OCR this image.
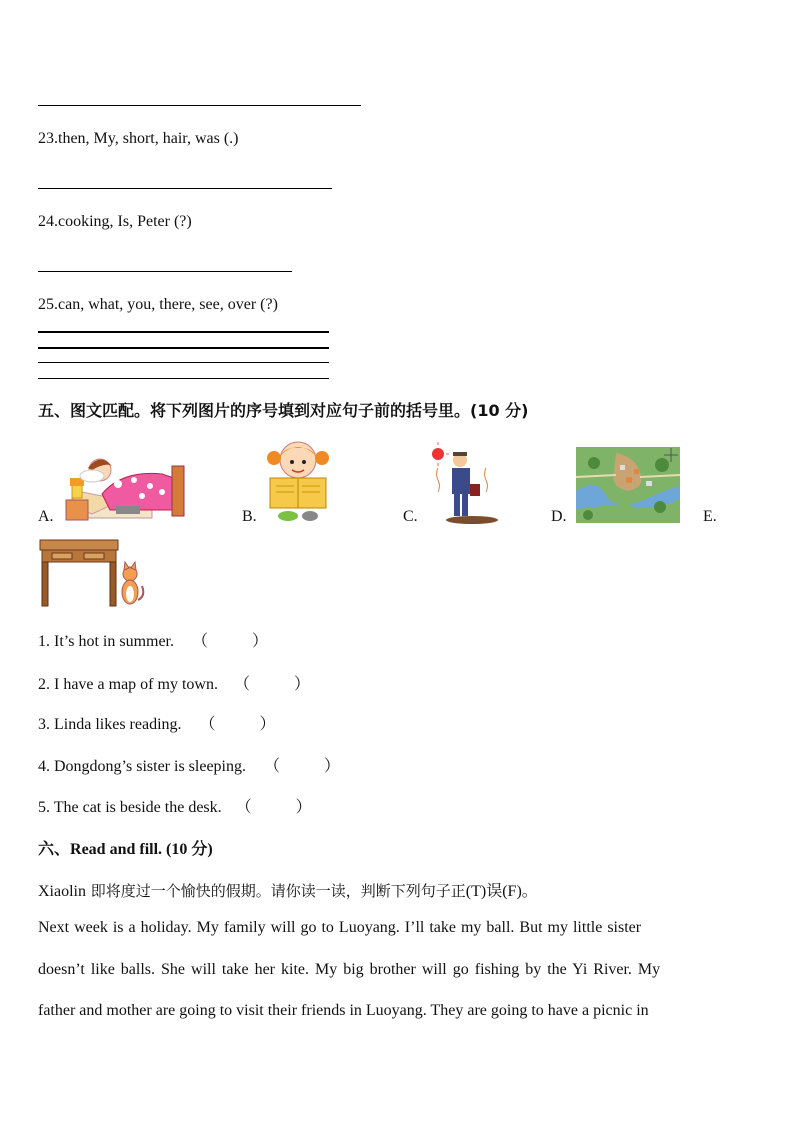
23.then, My, short, hair, was (.)
24.cooking, Is, Peter (?)
25.can, what, you, there, see, over (?)
五、图文匹配。将下列图片的序号填到对应句子前的括号里。(10 分)
A.	B.	C.	D.	E.
1. It’s hot in summer. （	）
2. I have a map of my town. （	）
3. Linda likes reading. （	）
4. Dongdong’s sister is sleeping. （	）
5. The cat is beside the desk. （	）
六、Read and fill. (10 分)
Xiaolin 即将度过一个愉快的假期。请你读一读，判断下列句子正(T)误(F)。
Next week is a holiday. My family will go to Luoyang. I’ll take my ball. But my little sister
doesn’t like balls. She will take her kite. My big brother will go fishing by the Yi River. My
father and mother are going to visit their friends in Luoyang. They are going to have a picnic in
